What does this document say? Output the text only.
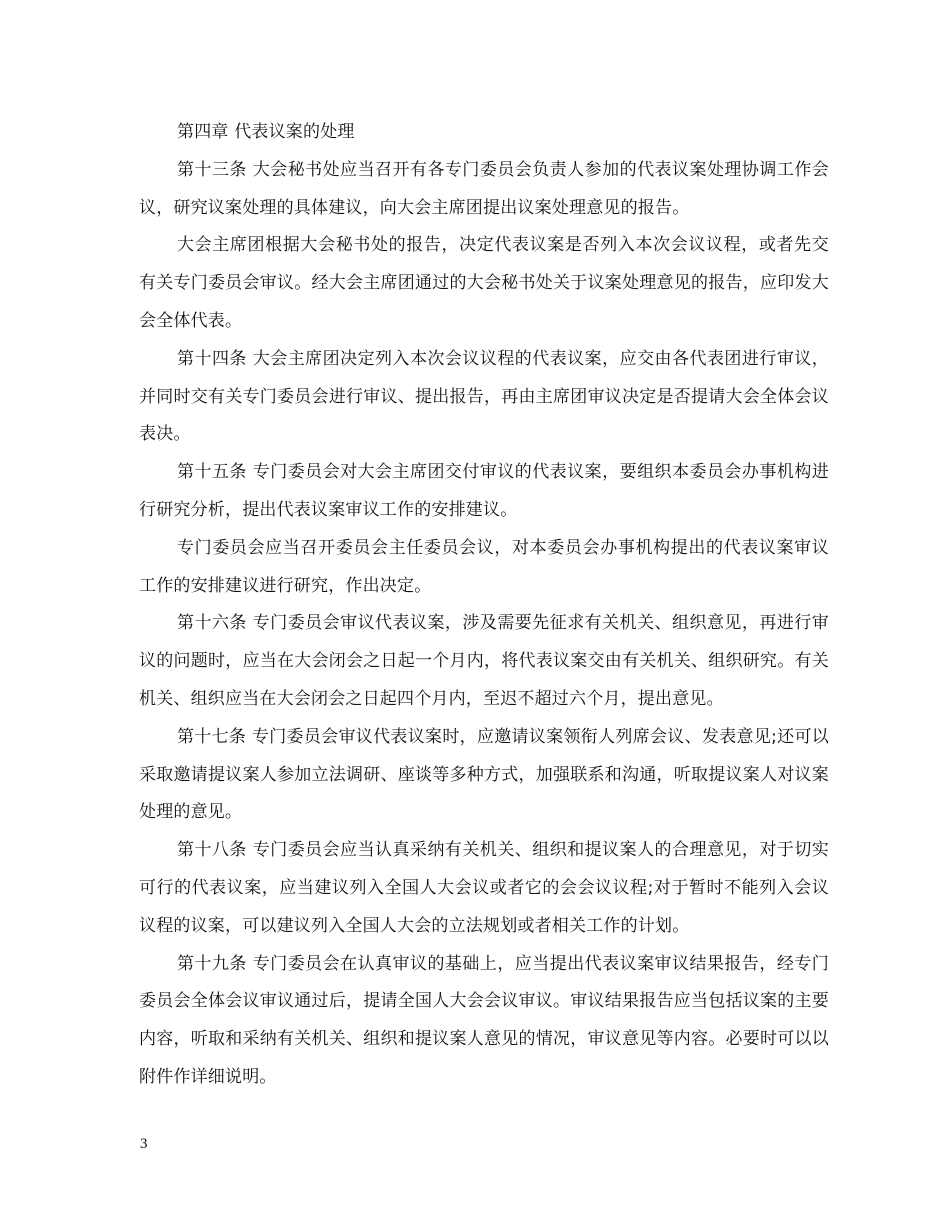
第四章 代表议案的处理

第十三条 大会秘书处应当召开有各专门委员会负责人参加的代表议案处理协调工作会议，研究议案处理的具体建议，向大会主席团提出议案处理意见的报告。

大会主席团根据大会秘书处的报告，决定代表议案是否列入本次会议议程，或者先交有关专门委员会审议。经大会主席团通过的大会秘书处关于议案处理意见的报告，应印发大会全体代表。

第十四条 大会主席团决定列入本次会议议程的代表议案，应交由各代表团进行审议，并同时交有关专门委员会进行审议、提出报告，再由主席团审议决定是否提请大会全体会议表决。

第十五条 专门委员会对大会主席团交付审议的代表议案，要组织本委员会办事机构进行研究分析，提出代表议案审议工作的安排建议。

专门委员会应当召开委员会主任委员会议，对本委员会办事机构提出的代表议案审议工作的安排建议进行研究，作出决定。

第十六条 专门委员会审议代表议案，涉及需要先征求有关机关、组织意见，再进行审议的问题时，应当在大会闭会之日起一个月内，将代表议案交由有关机关、组织研究。有关机关、组织应当在大会闭会之日起四个月内，至迟不超过六个月，提出意见。

第十七条 专门委员会审议代表议案时，应邀请议案领衔人列席会议、发表意见;还可以采取邀请提议案人参加立法调研、座谈等多种方式，加强联系和沟通，听取提议案人对议案处理的意见。

第十八条 专门委员会应当认真采纳有关机关、组织和提议案人的合理意见，对于切实可行的代表议案，应当建议列入全国人大会议或者它的会会议议程;对于暂时不能列入会议议程的议案，可以建议列入全国人大会的立法规划或者相关工作的计划。

第十九条 专门委员会在认真审议的基础上，应当提出代表议案审议结果报告，经专门委员会全体会议审议通过后，提请全国人大会会议审议。审议结果报告应当包括议案的主要内容，听取和采纳有关机关、组织和提议案人意见的情况，审议意见等内容。必要时可以以附件作详细说明。

3
